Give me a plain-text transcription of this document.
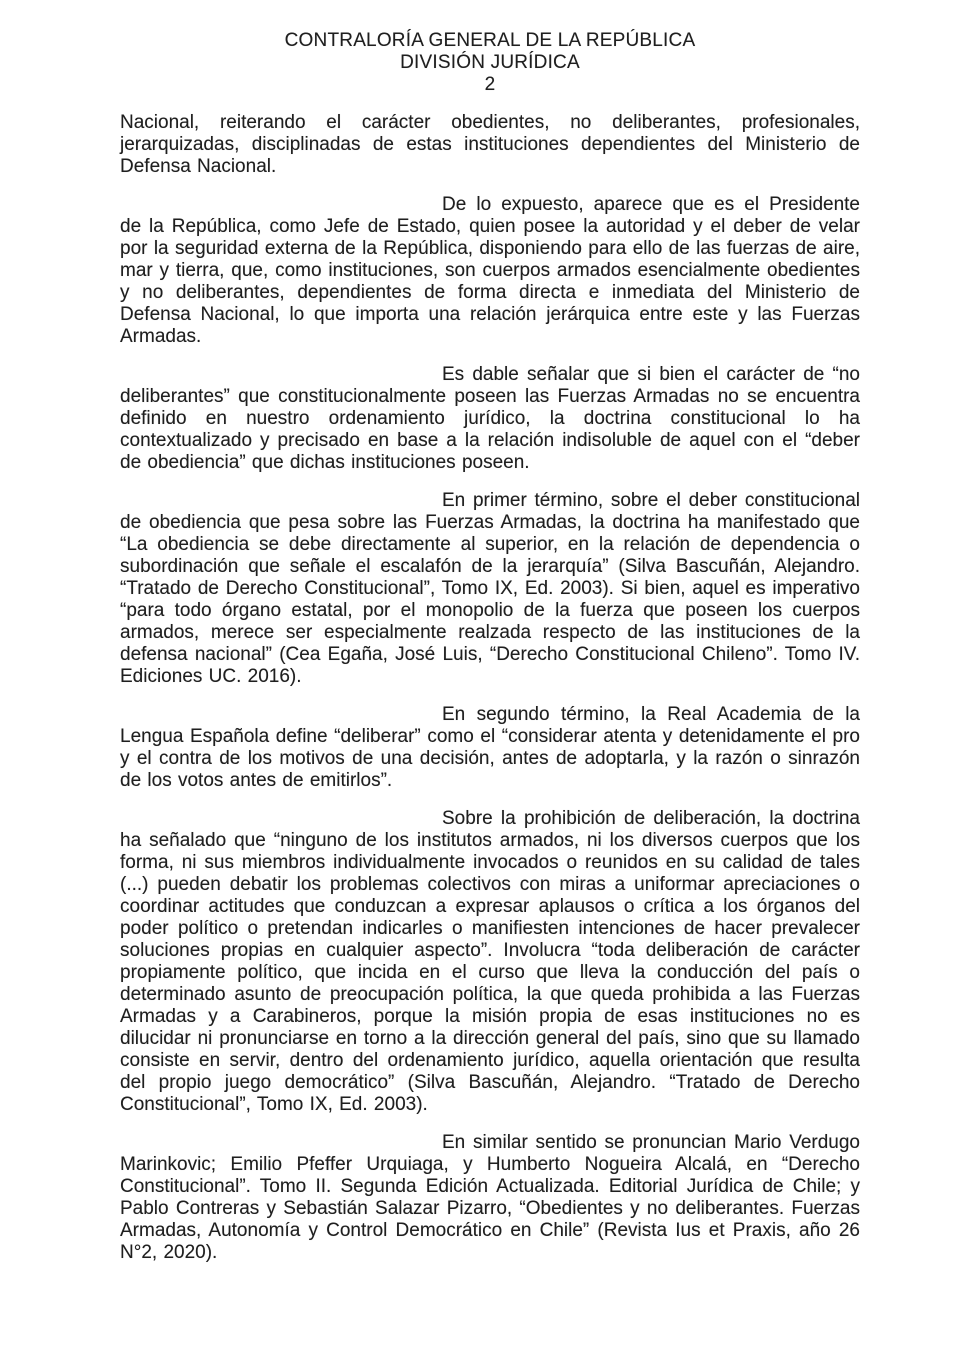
CONTRALORÍA GENERAL DE LA REPÚBLICA
DIVISIÓN JURÍDICA
2

Nacional, reiterando el carácter obedientes, no deliberantes, profesionales, jerarquizadas, disciplinadas de estas instituciones dependientes del Ministerio de Defensa Nacional.

De lo expuesto, aparece que es el Presidente de la República, como Jefe de Estado, quien posee la autoridad y el deber de velar por la seguridad externa de la República, disponiendo para ello de las fuerzas de aire, mar y tierra, que, como instituciones, son cuerpos armados esencialmente obedientes y no deliberantes, dependientes de forma directa e inmediata del Ministerio de Defensa Nacional, lo que importa una relación jerárquica entre este y las Fuerzas Armadas.

Es dable señalar que si bien el carácter de “no deliberantes” que constitucionalmente poseen las Fuerzas Armadas no se encuentra definido en nuestro ordenamiento jurídico, la doctrina constitucional lo ha contextualizado y precisado en base a la relación indisoluble de aquel con el “deber de obediencia” que dichas instituciones poseen.

En primer término, sobre el deber constitucional de obediencia que pesa sobre las Fuerzas Armadas, la doctrina ha manifestado que “La obediencia se debe directamente al superior, en la relación de dependencia o subordinación que señale el escalafón de la jerarquía” (Silva Bascuñán, Alejandro. “Tratado de Derecho Constitucional”, Tomo IX, Ed. 2003). Si bien, aquel es imperativo “para todo órgano estatal, por el monopolio de la fuerza que poseen los cuerpos armados, merece ser especialmente realzada respecto de las instituciones de la defensa nacional” (Cea Egaña, José Luis, “Derecho Constitucional Chileno”. Tomo IV. Ediciones UC. 2016).

En segundo término, la Real Academia de la Lengua Española define “deliberar” como el “considerar atenta y detenidamente el pro y el contra de los motivos de una decisión, antes de adoptarla, y la razón o sinrazón de los votos antes de emitirlos”.

Sobre la prohibición de deliberación, la doctrina ha señalado que “ninguno de los institutos armados, ni los diversos cuerpos que los forma, ni sus miembros individualmente invocados o reunidos en su calidad de tales (...) pueden debatir los problemas colectivos con miras a uniformar apreciaciones o coordinar actitudes que conduzcan a expresar aplausos o crítica a los órganos del poder político o pretendan indicarles o manifiesten intenciones de hacer prevalecer soluciones propias en cualquier aspecto”. Involucra “toda deliberación de carácter propiamente político, que incida en el curso que lleva la conducción del país o determinado asunto de preocupación política, la que queda prohibida a las Fuerzas Armadas y a Carabineros, porque la misión propia de esas instituciones no es dilucidar ni pronunciarse en torno a la dirección general del país, sino que su llamado consiste en servir, dentro del ordenamiento jurídico, aquella orientación que resulta del propio juego democrático” (Silva Bascuñán, Alejandro. “Tratado de Derecho Constitucional”, Tomo IX, Ed. 2003).

En similar sentido se pronuncian Mario Verdugo Marinkovic; Emilio Pfeffer Urquiaga, y Humberto Nogueira Alcalá, en “Derecho Constitucional”. Tomo II. Segunda Edición Actualizada. Editorial Jurídica de Chile; y Pablo Contreras y Sebastián Salazar Pizarro, “Obedientes y no deliberantes. Fuerzas Armadas, Autonomía y Control Democrático en Chile” (Revista Ius et Praxis, año 26 N°2, 2020).
